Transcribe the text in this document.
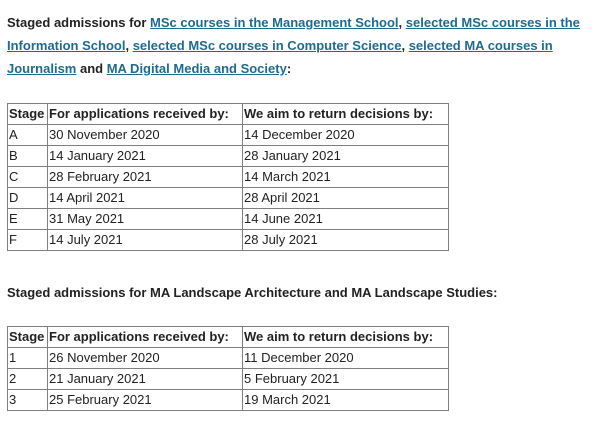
Staged admissions for MSc courses in the Management School, selected MSc courses in the Information School, selected MSc courses in Computer Science, selected MA courses in Journalism and MA Digital Media and Society:
Stage	For applications received by:	We aim to return decisions by:
A	30 November 2020	14 December 2020
B	14 January 2021	28 January 2021
C	28 February 2021	14 March 2021
D	14 April 2021	28 April 2021
E	31 May 2021	14 June 2021
F	14 July 2021	28 July 2021
Staged admissions for MA Landscape Architecture and MA Landscape Studies:
Stage	For applications received by:	We aim to return decisions by:
1	26 November 2020	11 December 2020
2	21 January 2021	5 February 2021
3	25 February 2021	19 March 2021
